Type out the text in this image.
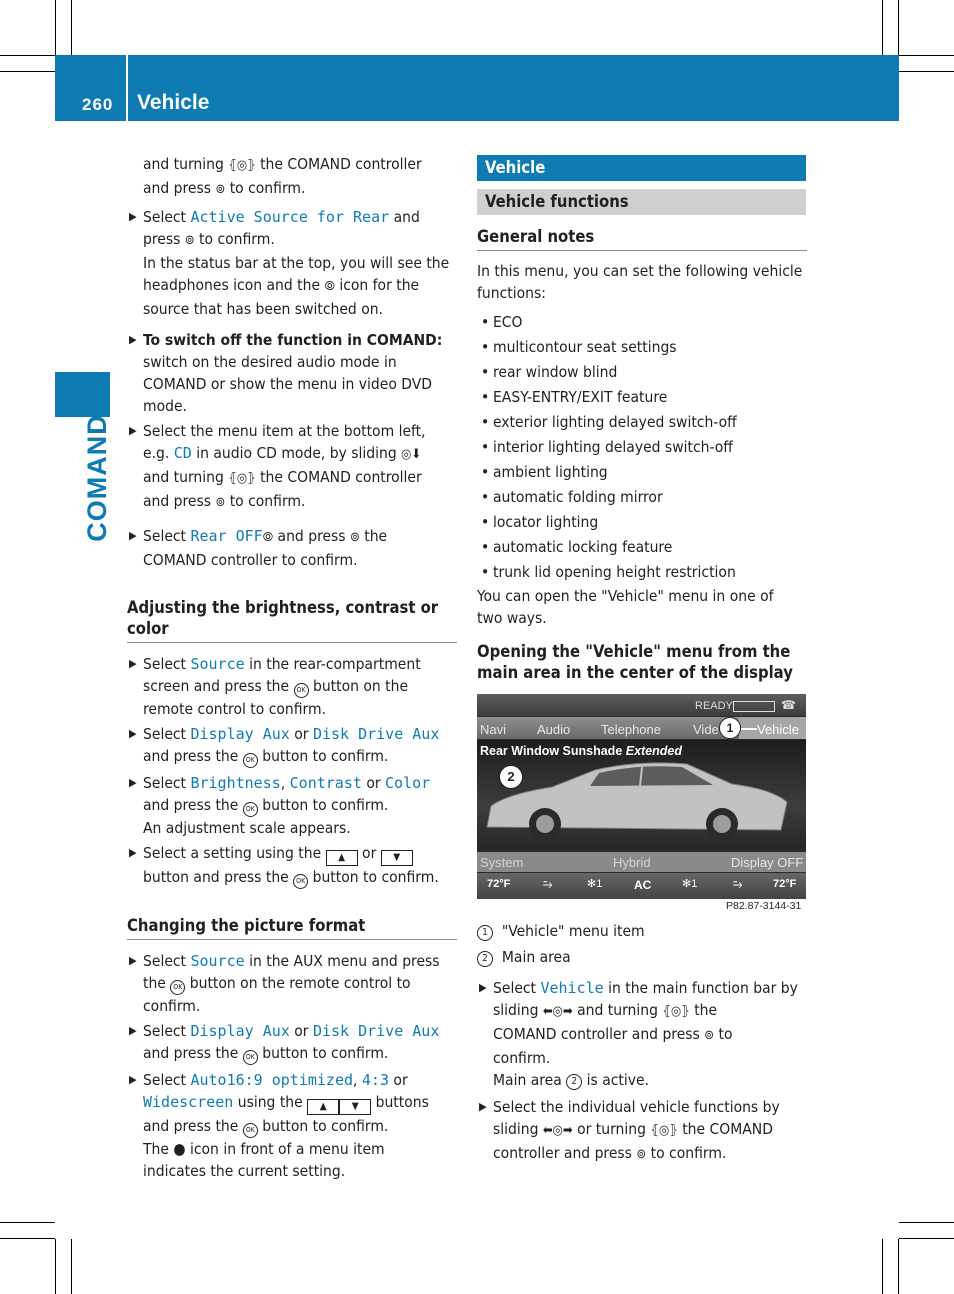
260 Vehicle
COMAND

and turning ⦃◎⦄ the COMAND controller

and press ⊚ to confirm.

▶ Select Active Source for Rear and

press ⊚ to confirm.

In the status bar at the top, you will see the

headphones icon and the ⦾ icon for the

source that has been switched on.

▶ To switch off the function in COMAND:

switch on the desired audio mode in

COMAND or show the menu in video DVD

mode.

▶ Select the menu item at the bottom left,

e.g. CD in audio CD mode, by sliding ◎⬇

and turning ⦃◎⦄ the COMAND controller

and press ⊚ to confirm.

▶ Select Rear OFF⦾ and press ⊚ the

COMAND controller to confirm.

Adjusting the brightness, contrast or
color
▶ Select Source in the rear-compartment

screen and press the OK button on the

remote control to confirm.

▶ Select Display Aux or Disk Drive Aux

and press the OK button to confirm.

▶ Select Brightness, Contrast or Color

and press the OK button to confirm.

An adjustment scale appears.

▶ Select a setting using the ▲ or ▼

button and press the OK button to confirm.

Changing the picture format
▶ Select Source in the AUX menu and press

the OK button on the remote control to

confirm.

▶ Select Display Aux or Disk Drive Aux

and press the OK button to confirm.

▶ Select Auto16:9 optimized, 4:3 or

Widescreen using the ▲	▼ buttons

and press the OK button to confirm.

The ● icon in front of a menu item

indicates the current setting.

Vehicle
Vehicle functions
General notes

In this menu, you can set the following vehicle

functions:

• ECO
• multicontour seat settings
• rear window blind
• EASY-ENTRY/EXIT feature
• exterior lighting delayed switch-off
• interior lighting delayed switch-off
• ambient lighting
• automatic folding mirror
• locator lighting
• automatic locking feature
• trunk lid opening height restriction

You can open the "Vehicle" menu in one of

two ways.

Opening the "Vehicle" menu from the
main area in the center of the display
READY	☎
Navi Audio Telephone Vide	Vehicle
1
Rear Window Sunshade Extended
2
System	Hybrid	Display OFF
72°F	⥲	✻1	AC	✻1	⥲	72°F
P82.87-3144-31

1 "Vehicle" menu item

2 Main area

▶ Select Vehicle in the main function bar by

sliding ⬅◎➡ and turning ⦃◎⦄ the

COMAND controller and press ⊚ to

confirm.

Main area 2 is active.

▶ Select the individual vehicle functions by

sliding ⬅◎➡ or turning ⦃◎⦄ the COMAND

controller and press ⊚ to confirm.
